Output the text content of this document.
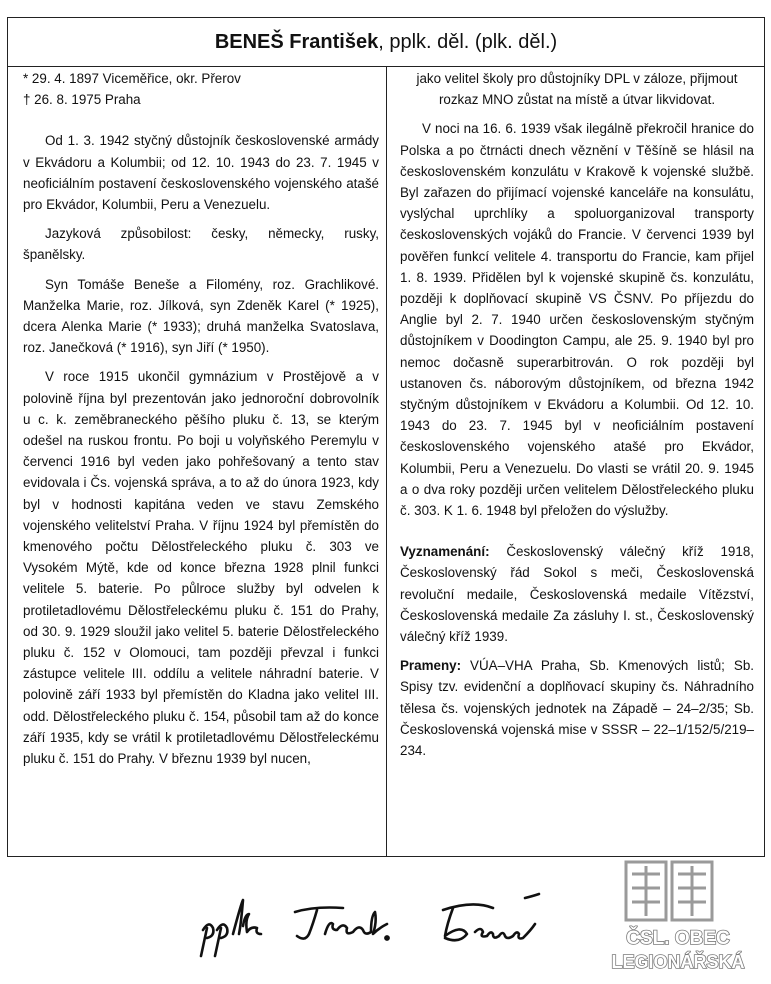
BENEŠ František , pplk. děl. (plk. děl.)

* 29. 4. 1897 Viceměřice, okr. Přerov

† 26. 8. 1975 Praha

Od 1. 3. 1942 styčný důstojník československé armády v Ekvádoru a Kolumbii; od 12. 10. 1943 do 23. 7. 1945 v neoficiálním postavení československého vojenského atašé pro Ekvádor, Kolumbii, Peru a Venezuelu.

Jazyková způsobilost: česky, německy, rusky, španělsky.

Syn Tomáše Beneše a Filomény, roz. Grachlikové. Manželka Marie, roz. Jílková, syn Zdeněk Karel (* 1925), dcera Alenka Marie (* 1933); druhá manželka Svatoslava, roz. Janečková (* 1916), syn Jiří (* 1950).

V roce 1915 ukončil gymnázium v Prostějově a v polovině října byl prezentován jako jednoroční dobrovolník u c. k. zeměbraneckého pěšího pluku č. 13, se kterým odešel na ruskou frontu. Po boji u volyňského Peremylu v červenci 1916 byl veden jako pohřešovaný a tento stav evidovala i Čs. vojenská správa, a to až do února 1923, kdy byl v hodnosti kapitána veden ve stavu Zemského vojenského velitelství Praha. V říjnu 1924 byl přemístěn do kmenového počtu Dělostřeleckého pluku č. 303 ve Vysokém Mýtě, kde od konce března 1928 plnil funkci velitele 5. baterie. Po půlroce služby byl odvelen k protiletadlovému Dělostřeleckému pluku č. 151 do Prahy, od 30. 9. 1929 sloužil jako velitel 5. baterie Dělostřeleckého pluku č. 152 v Olomouci, tam později převzal i funkci zástupce velitele III. oddílu a velitele náhradní baterie. V polovině září 1933 byl přemístěn do Kladna jako velitel III. odd. Dělostřeleckého pluku č. 154, působil tam až do konce září 1935, kdy se vrátil k protiletadlovému Dělostřeleckému pluku č. 151 do Prahy. V březnu 1939 byl nucen,

jako velitel školy pro důstojníky DPL v záloze, přijmout rozkaz MNO zůstat na místě a útvar likvidovat.

V noci na 16. 6. 1939 však ilegálně překročil hranice do Polska a po čtrnácti dnech věznění v Těšíně se hlásil na československém konzulátu v Krakově k vojenské službě. Byl zařazen do přijímací vojenské kanceláře na konsulátu, vyslýchal uprchlíky a spoluorganizoval transporty československých vojáků do Francie. V červenci 1939 byl pověřen funkcí velitele 4. transportu do Francie, kam přijel 1. 8. 1939. Přidělen byl k vojenské skupině čs. konzulátu, později k doplňovací skupině VS ČSNV. Po příjezdu do Anglie byl 2. 7. 1940 určen československým styčným důstojníkem v Doodington Campu, ale 25. 9. 1940 byl pro nemoc dočasně superarbitrován. O rok později byl ustanoven čs. náborovým důstojníkem, od března 1942 styčným důstojníkem v Ekvádoru a Kolumbii. Od 12. 10. 1943 do 23. 7. 1945 byl v neoficiálním postavení československého vojenského atašé pro Ekvádor, Kolumbii, Peru a Venezuelu. Do vlasti se vrátil 20. 9. 1945 a o dva roky později určen velitelem Dělostřeleckého pluku č. 303. K 1. 6. 1948 byl přeložen do výslužby.

Vyznamenání: Československý válečný kříž 1918, Československý řád Sokol s meči, Československá revoluční medaile, Československá medaile Vítězství, Československá medaile Za zásluhy I. st., Československý válečný kříž 1939.

Prameny: VÚA–VHA Praha, Sb. Kmenových listů; Sb. Spisy tzv. evidenční a doplňovací skupiny čs. Náhradního tělesa čs. vojenských jednotek na Západě – 24–2/35; Sb. Československá vojenská mise v SSSR – 22–1/152/5/219–234.

pplk. Frant. Beneš
ČSL. OBEC
LEGIONÁŘSKÁ
